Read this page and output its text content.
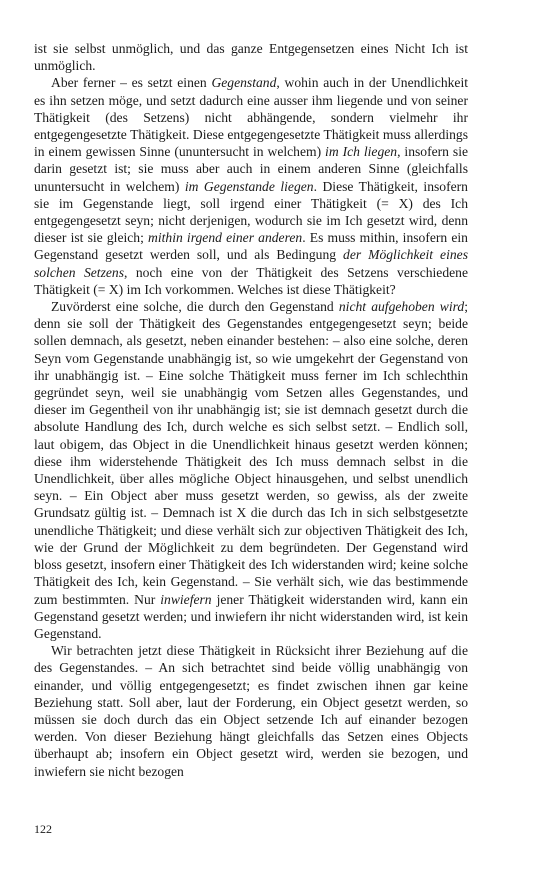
ist sie selbst unmöglich, und das ganze Entgegensetzen eines Nicht Ich ist unmöglich.

Aber ferner – es setzt einen Gegenstand, wohin auch in der Unendlichkeit es ihn setzen möge, und setzt dadurch eine ausser ihm liegende und von seiner Thätigkeit (des Setzens) nicht abhängende, sondern vielmehr ihr entgegengesetzte Thätigkeit. Diese entgegengesetzte Thätigkeit muss allerdings in einem gewissen Sinne (ununtersucht in welchem) im Ich liegen, insofern sie darin gesetzt ist; sie muss aber auch in einem anderen Sinne (gleichfalls ununtersucht in welchem) im Gegenstande liegen. Diese Thätigkeit, insofern sie im Gegenstande liegt, soll irgend einer Thätigkeit (= X) des Ich entgegengesetzt seyn; nicht derjenigen, wodurch sie im Ich gesetzt wird, denn dieser ist sie gleich; mithin irgend einer anderen. Es muss mithin, insofern ein Gegenstand gesetzt werden soll, und als Bedingung der Möglichkeit eines solchen Setzens, noch eine von der Thätigkeit des Setzens verschiedene Thätigkeit (= X) im Ich vorkommen. Welches ist diese Thätigkeit?

Zuvörderst eine solche, die durch den Gegenstand nicht aufgehoben wird; denn sie soll der Thätigkeit des Gegenstandes entgegengesetzt seyn; beide sollen demnach, als gesetzt, neben einander bestehen: – also eine solche, deren Seyn vom Gegenstande unabhängig ist, so wie umgekehrt der Gegenstand von ihr unabhängig ist. – Eine solche Thätigkeit muss ferner im Ich schlechthin gegründet seyn, weil sie unabhängig vom Setzen alles Gegenstandes, und dieser im Gegentheil von ihr unabhängig ist; sie ist demnach gesetzt durch die absolute Handlung des Ich, durch welche es sich selbst setzt. – Endlich soll, laut obigem, das Object in die Unendlichkeit hinaus gesetzt werden können; diese ihm widerstehende Thätigkeit des Ich muss demnach selbst in die Unendlichkeit, über alles mögliche Object hinausgehen, und selbst unendlich seyn. – Ein Object aber muss gesetzt werden, so gewiss, als der zweite Grundsatz gültig ist. – Demnach ist X die durch das Ich in sich selbstgesetzte unendliche Thätigkeit; und diese verhält sich zur objectiven Thätigkeit des Ich, wie der Grund der Möglichkeit zu dem begründeten. Der Gegenstand wird bloss gesetzt, insofern einer Thätigkeit des Ich widerstanden wird; keine solche Thätigkeit des Ich, kein Gegenstand. – Sie verhält sich, wie das bestimmende zum bestimmten. Nur inwiefern jener Thätigkeit widerstanden wird, kann ein Gegenstand gesetzt werden; und inwiefern ihr nicht widerstanden wird, ist kein Gegenstand.

Wir betrachten jetzt diese Thätigkeit in Rücksicht ihrer Beziehung auf die des Gegenstandes. – An sich betrachtet sind beide völlig unabhängig von einander, und völlig entgegengesetzt; es findet zwischen ihnen gar keine Beziehung statt. Soll aber, laut der Forderung, ein Object gesetzt werden, so müssen sie doch durch das ein Object setzende Ich auf einander bezogen werden. Von dieser Beziehung hängt gleichfalls das Setzen eines Objects überhaupt ab; insofern ein Object gesetzt wird, werden sie bezogen, und inwiefern sie nicht bezogen

122
